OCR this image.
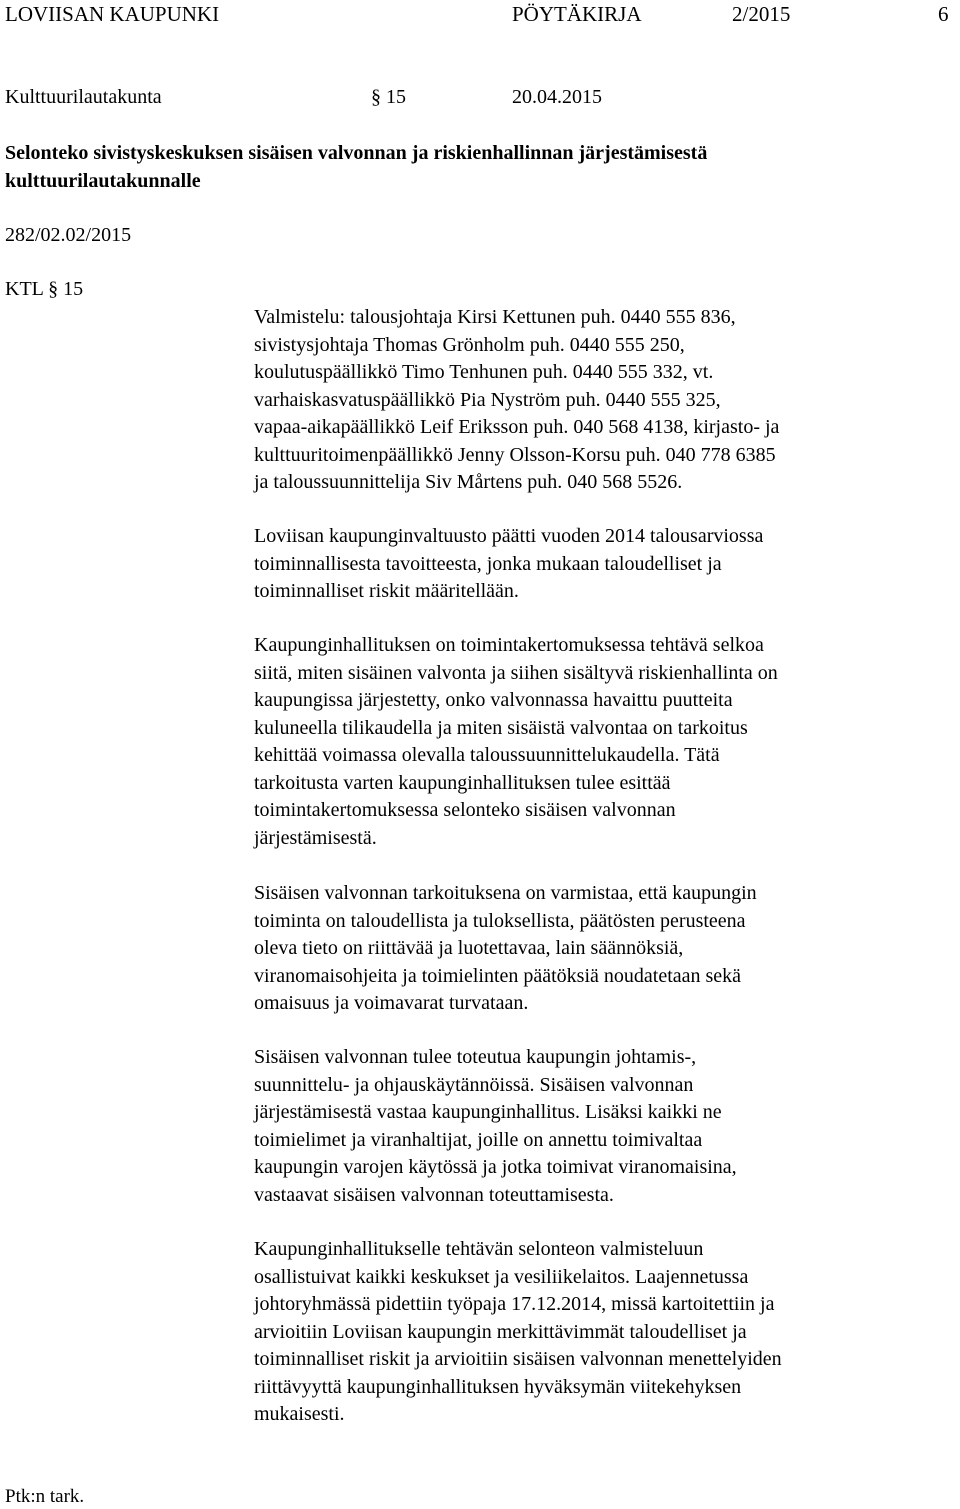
LOVIISAN KAUPUNKI	PÖYTÄKIRJA	2/2015	6
Kulttuurilautakunta	§ 15	20.04.2015
Selonteko sivistyskeskuksen sisäisen valvonnan ja riskienhallinnan järjestämisestä
kulttuurilautakunnalle
282/02.02/2015
KTL § 15

Valmistelu: talousjohtaja Kirsi Kettunen puh. 0440 555 836,

sivistysjohtaja Thomas Grönholm puh. 0440 555 250,

koulutuspäällikkö Timo Tenhunen puh. 0440 555 332, vt.

varhaiskasvatuspäällikkö Pia Nyström puh. 0440 555 325,

vapaa-aikapäällikkö Leif Eriksson puh. 040 568 4138, kirjasto- ja

kulttuuritoimenpäällikkö Jenny Olsson-Korsu puh. 040 778 6385

ja taloussuunnittelija Siv Mårtens puh. 040 568 5526.

Loviisan kaupunginvaltuusto päätti vuoden 2014 talousarviossa

toiminnallisesta tavoitteesta, jonka mukaan taloudelliset ja

toiminnalliset riskit määritellään.

Kaupunginhallituksen on toimintakertomuksessa tehtävä selkoa

siitä, miten sisäinen valvonta ja siihen sisältyvä riskienhallinta on

kaupungissa järjestetty, onko valvonnassa havaittu puutteita

kuluneella tilikaudella ja miten sisäistä valvontaa on tarkoitus

kehittää voimassa olevalla taloussuunnittelukaudella. Tätä

tarkoitusta varten kaupunginhallituksen tulee esittää

toimintakertomuksessa selonteko sisäisen valvonnan

järjestämisestä.

Sisäisen valvonnan tarkoituksena on varmistaa, että kaupungin

toiminta on taloudellista ja tuloksellista, päätösten perusteena

oleva tieto on riittävää ja luotettavaa, lain säännöksiä,

viranomaisohjeita ja toimielinten päätöksiä noudatetaan sekä

omaisuus ja voimavarat turvataan.

Sisäisen valvonnan tulee toteutua kaupungin johtamis-,

suunnittelu- ja ohjauskäytännöissä. Sisäisen valvonnan

järjestämisestä vastaa kaupunginhallitus. Lisäksi kaikki ne

toimielimet ja viranhaltijat, joille on annettu toimivaltaa

kaupungin varojen käytössä ja jotka toimivat viranomaisina,

vastaavat sisäisen valvonnan toteuttamisesta.

Kaupunginhallitukselle tehtävän selonteon valmisteluun

osallistuivat kaikki keskukset ja vesiliikelaitos. Laajennetussa

johtoryhmässä pidettiin työpaja 17.12.2014, missä kartoitettiin ja

arvioitiin Loviisan kaupungin merkittävimmät taloudelliset ja

toiminnalliset riskit ja arvioitiin sisäisen valvonnan menettelyiden

riittävyyttä kaupunginhallituksen hyväksymän viitekehyksen

mukaisesti.

Ptk:n tark.
